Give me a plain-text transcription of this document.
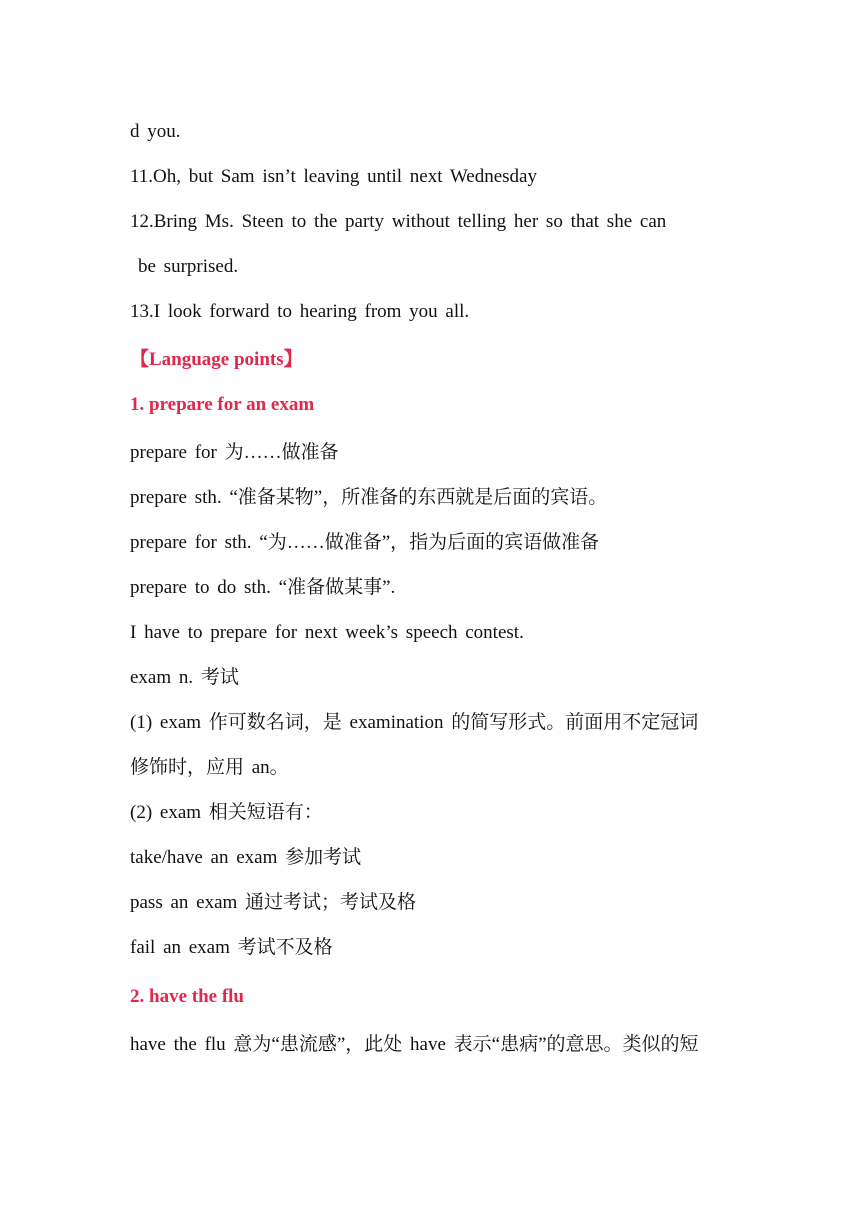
d you.
11.Oh, but Sam isn’t leaving until next Wednesday
12.Bring Ms. Steen to the party without telling her so that she can
be surprised.
13.I look forward to hearing from you all.
【Language points】
1. prepare for an exam
prepare for 为……做准备
prepare sth. “准备某物”，所准备的东西就是后面的宾语。
prepare for sth. “为……做准备”，指为后面的宾语做准备
prepare to do sth. “准备做某事”.
I have to prepare for next week’s speech contest.
exam n. 考试
(1) exam 作可数名词，是 examination 的简写形式。前面用不定冠词
修饰时，应用 an。
(2) exam 相关短语有：
take/have an exam 参加考试
pass an exam 通过考试；考试及格
fail an exam 考试不及格
2. have the flu
have the flu 意为“患流感”，此处 have 表示“患病”的意思。类似的短
